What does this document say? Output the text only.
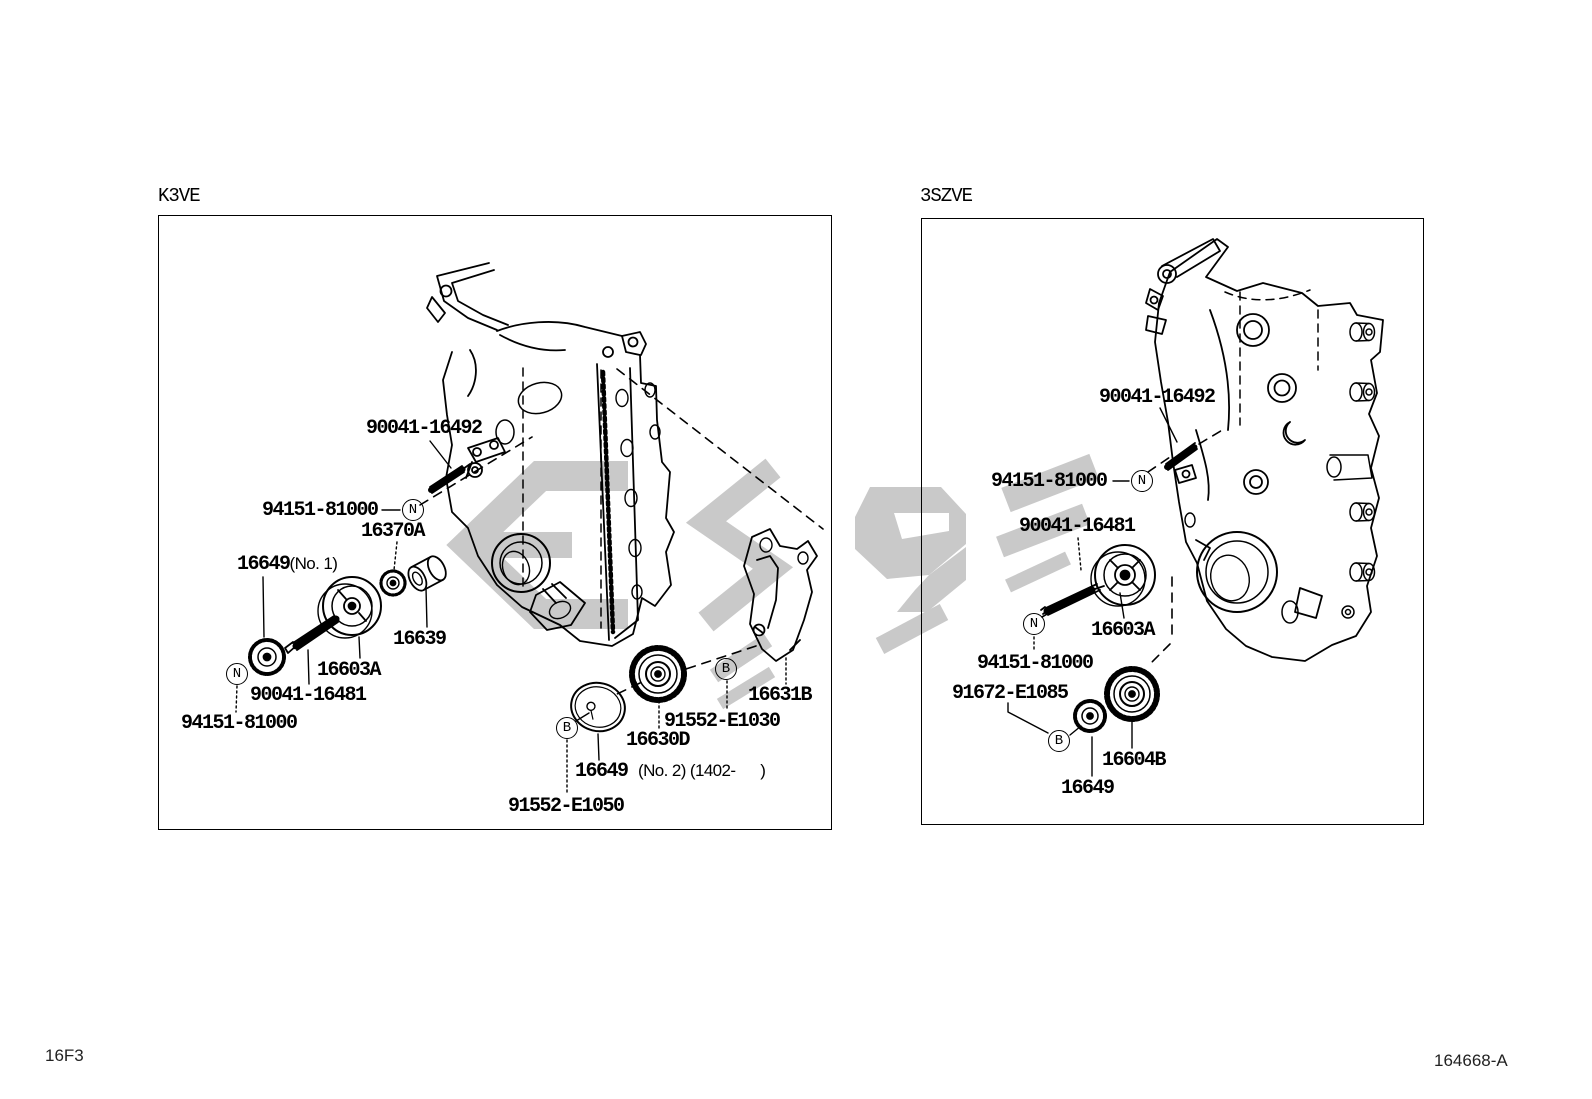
K3VE	3SZVE
90041-16492
94151-81000
16370A
16649(No. 1)
16639
16603A
90041-16481
94151-81000	91552-E1030
16631B
16630D
16649 (No. 2) (1402-      )
91552-E1050
N
N	B
B
90041-16492
94151-81000
90041-16481
16603A
94151-81000
91672-E1085
16604B
16649
N
N
B
16F3	164668-A
